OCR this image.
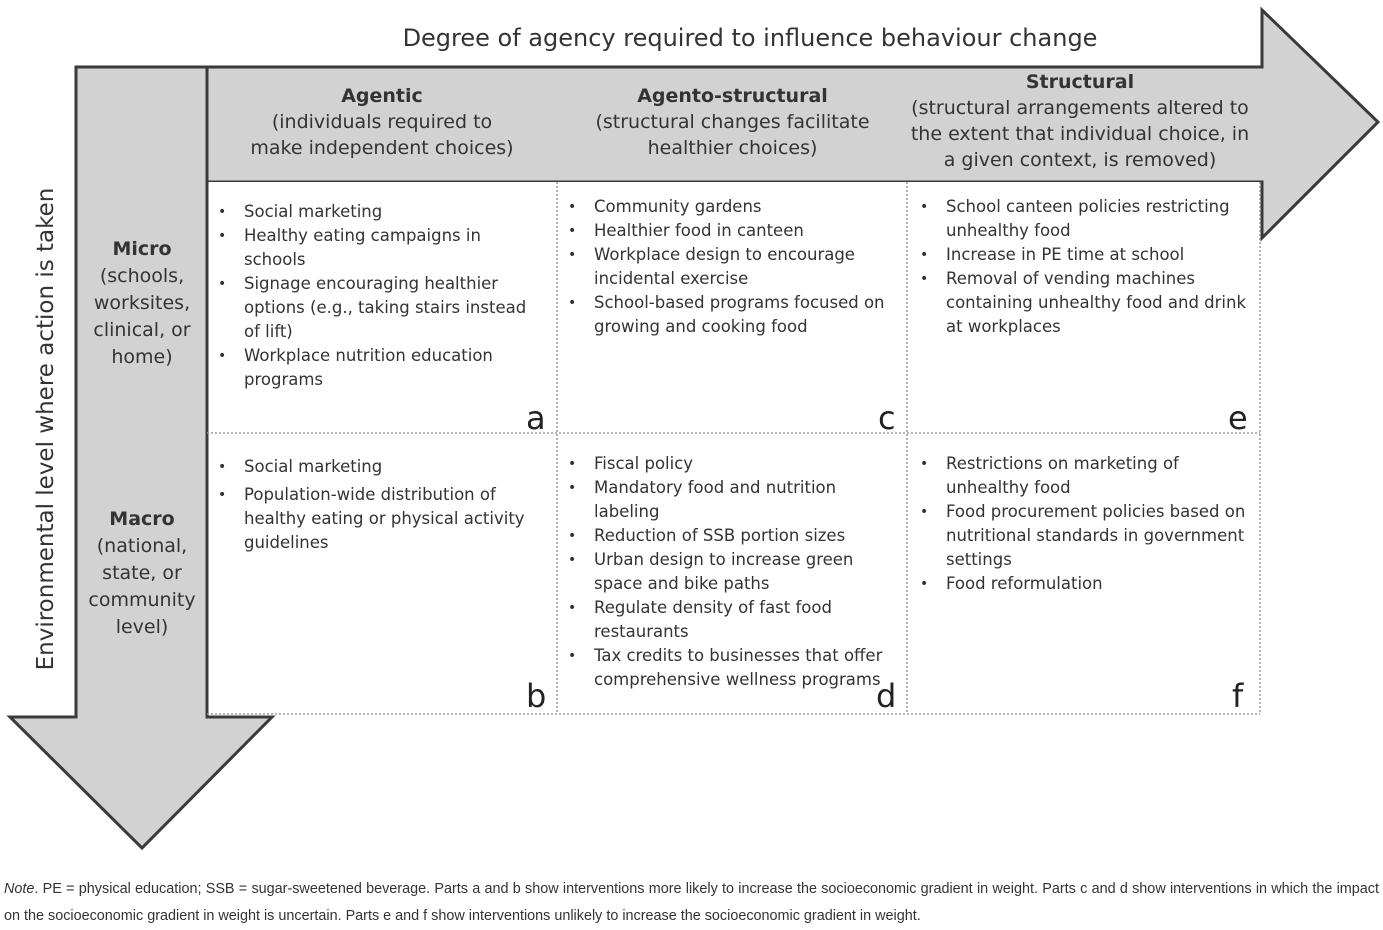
Degree of agency required to influence behaviour change
Agentic
(individuals required to
make independent choices)
Agento-structural
(structural changes facilitate
healthier choices)
Structural
(structural arrangements altered to
the extent that individual choice, in
a given context, is removed)
Environmental level where action is taken	Micro
(schools,
worksites,
clinical, or
home)
Macro
(national,
state, or
community
level)
• Social marketing
• Healthy eating campaigns in schools
• Signage encouraging healthier options (e.g., taking stairs instead of lift)
• Workplace nutrition education programs
a
• Community gardens
• Healthier food in canteen
• Workplace design to encourage incidental exercise
• School-based programs focused on growing and cooking food
c
• School canteen policies restricting unhealthy food
• Increase in PE time at school
• Removal of vending machines containing unhealthy food and drink at workplaces
e
• Social marketing
• Population-wide distribution of healthy eating or physical activity guidelines
b
• Fiscal policy
• Mandatory food and nutrition labeling
• Reduction of SSB portion sizes
• Urban design to increase green space and bike paths
• Regulate density of fast food restaurants
• Tax credits to businesses that offer comprehensive wellness programs
d
• Restrictions on marketing of unhealthy food
• Food procurement policies based on nutritional standards in government settings
• Food reformulation
f
Note. PE = physical education; SSB = sugar-sweetened beverage. Parts a and b show interventions more likely to increase the socioeconomic gradient in weight. Parts c and d show interventions in which the impact on the socioeconomic gradient in weight is uncertain. Parts e and f show interventions unlikely to increase the socioeconomic gradient in weight.
